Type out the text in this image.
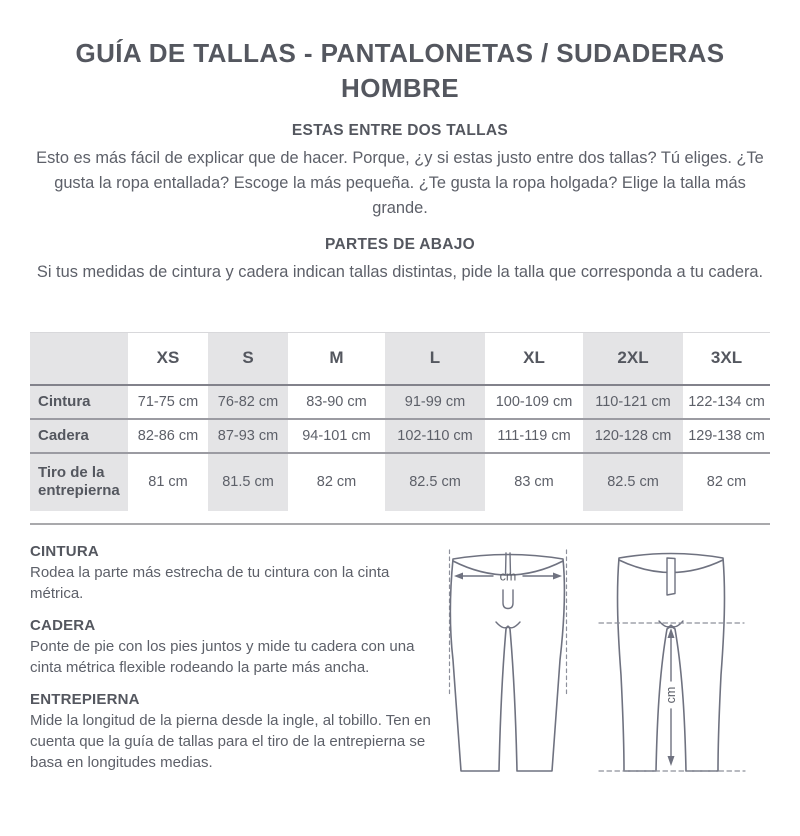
GUÍA DE TALLAS - PANTALONETAS / SUDADERAS HOMBRE
ESTAS ENTRE DOS TALLAS

Esto es más fácil de explicar que de hacer. Porque, ¿y si estas justo entre dos tallas? Tú eliges. ¿Te gusta la ropa entallada? Escoge la más pequeña. ¿Te gusta la ropa holgada? Elige la talla más grande.

PARTES DE ABAJO

Si tus medidas de cintura y cadera indican tallas distintas, pide la talla que corresponda a tu cadera.

	XS	S	M	L	XL	2XL	3XL
Cintura	71-75 cm	76-82 cm	83-90 cm	91-99 cm	100-109 cm	110-121 cm	122-134 cm
Cadera	82-86 cm	87-93 cm	94-101 cm	102-110 cm	111-119 cm	120-128 cm	129-138 cm
Tiro de la entrepierna	81 cm	81.5 cm	82 cm	82.5 cm	83 cm	82.5 cm	82 cm
CINTURA

Rodea la parte más estrecha de tu cintura con la cinta métrica.

CADERA

Ponte de pie con los pies juntos y mide tu cadera con una cinta métrica flexible rodeando la parte más ancha.

ENTREPIERNA

Mide la longitud de la pierna desde la ingle, al tobillo. Ten en cuenta que la guía de tallas para el tiro de la entrepierna se basa en longitudes medias.

cm
cm
